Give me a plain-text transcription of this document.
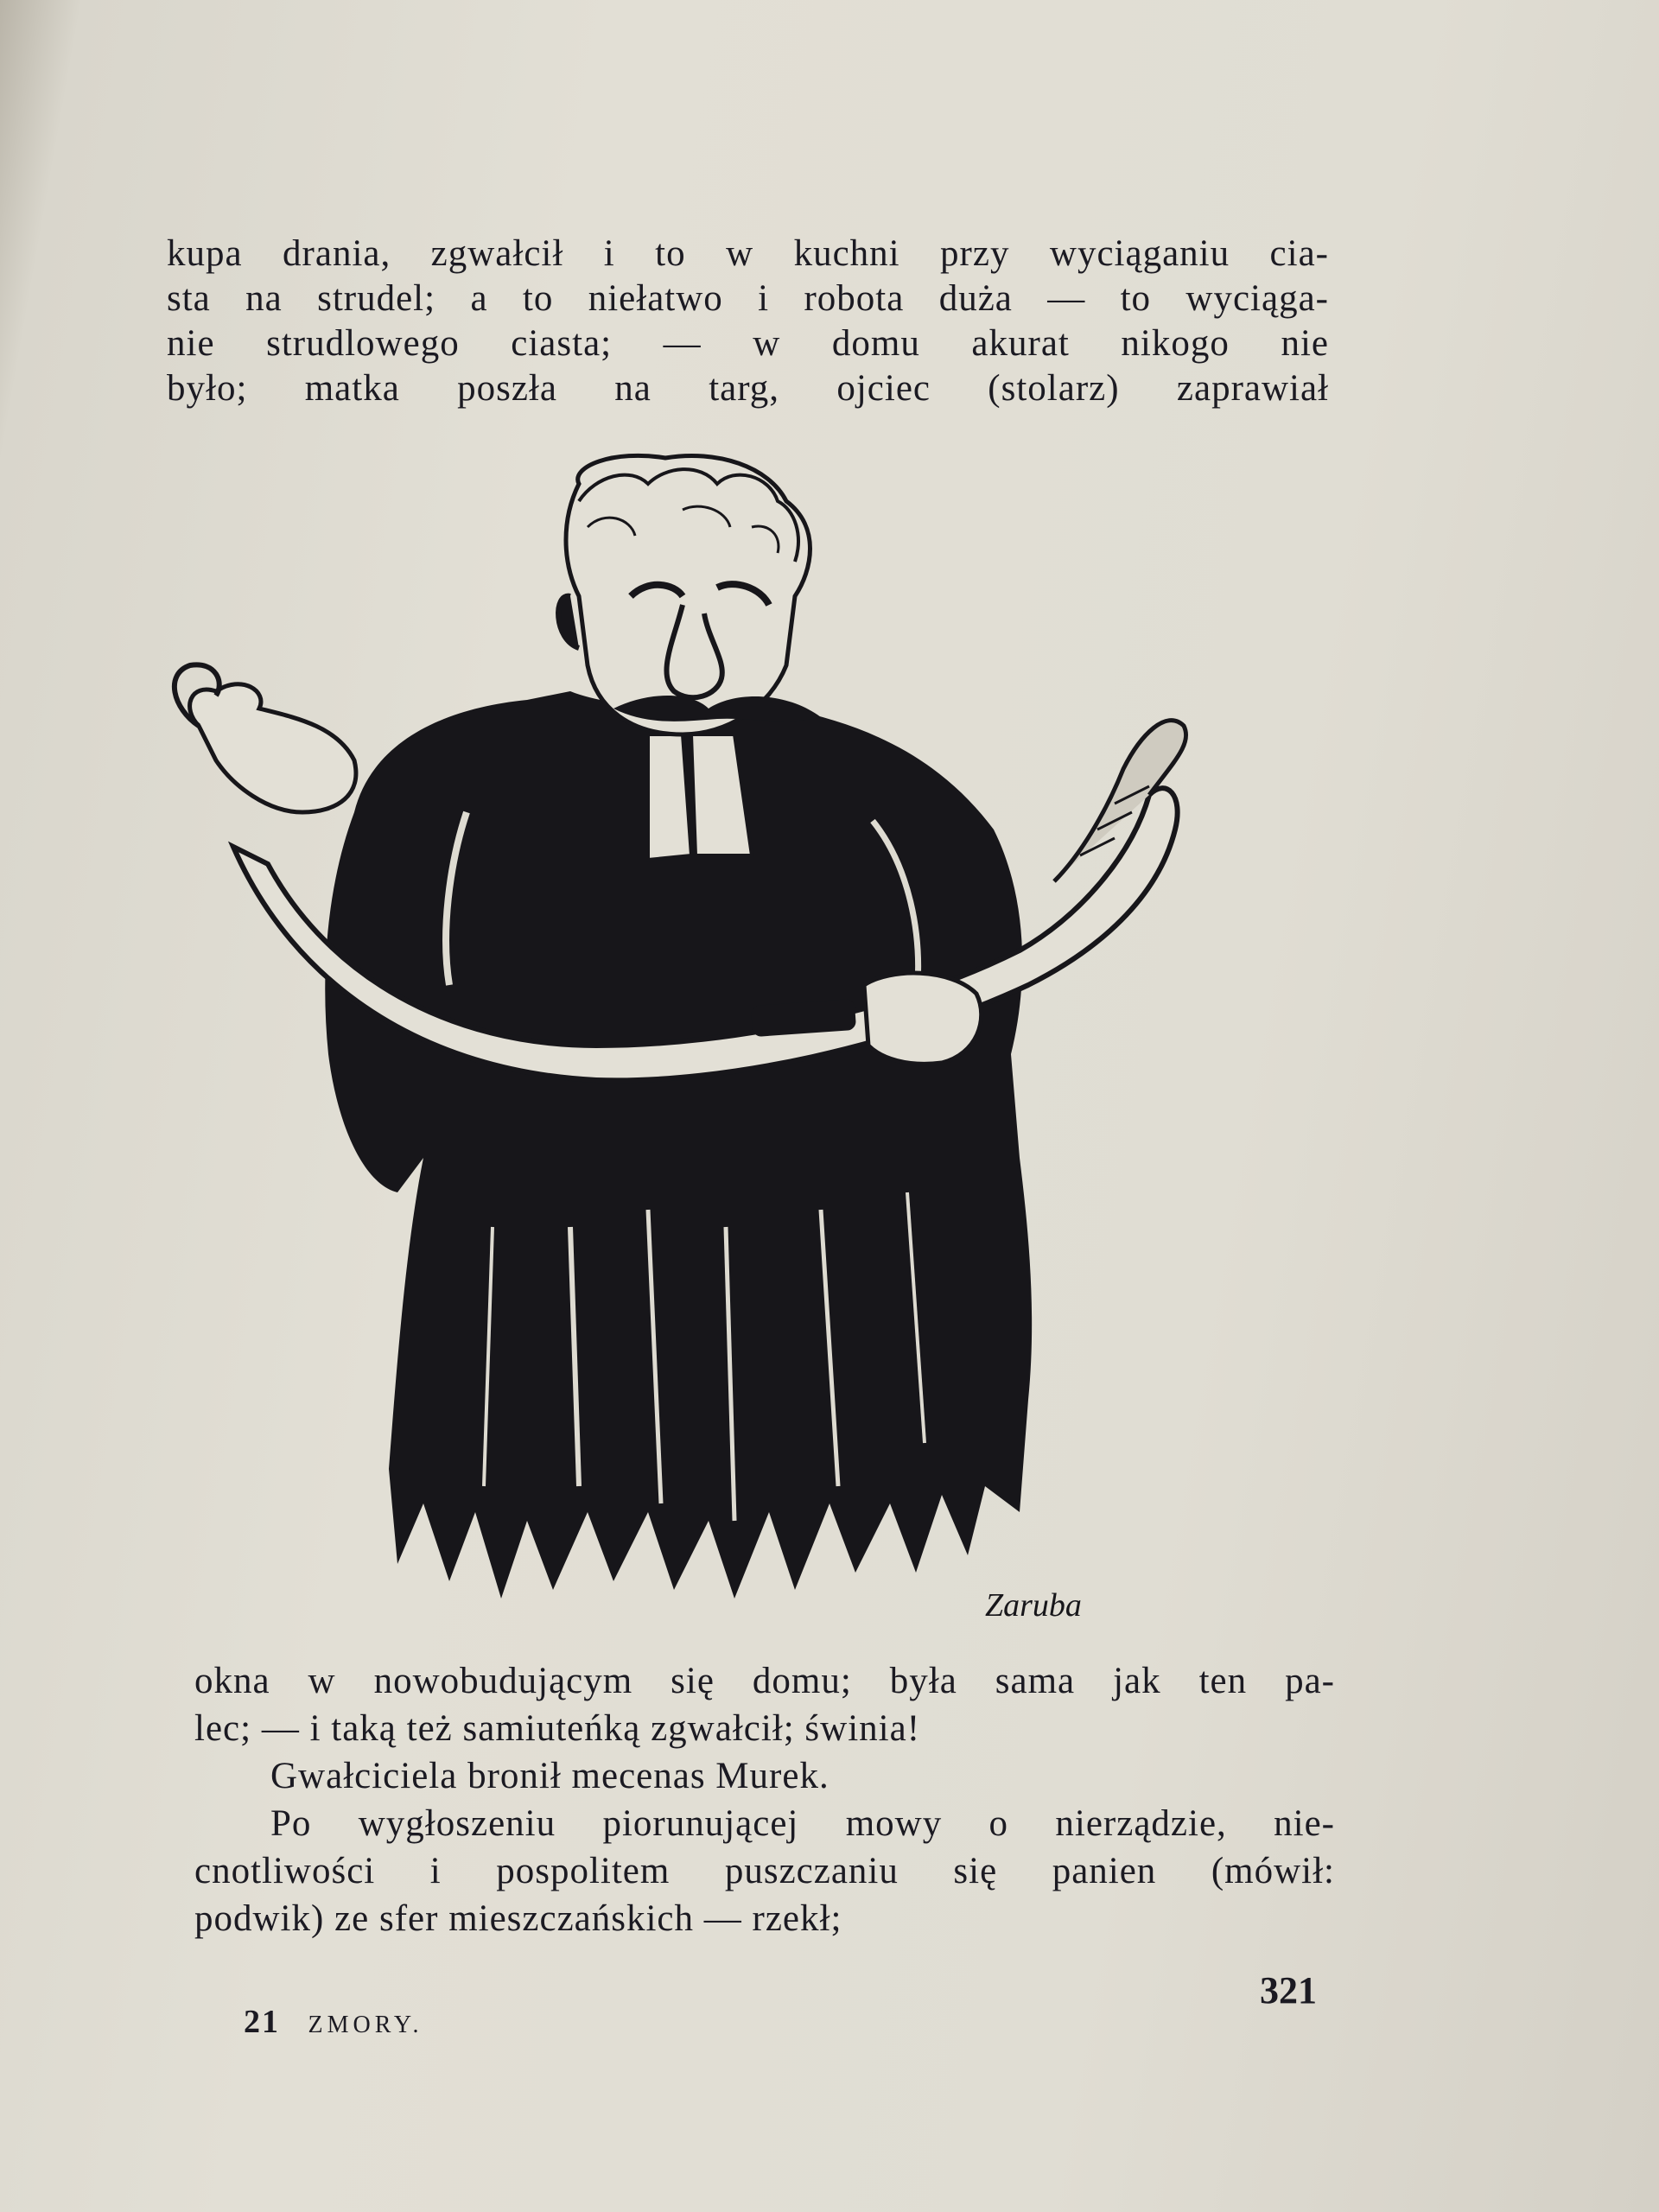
kupa drania, zgwałcił i to w kuchni przy wyciąganiu cia-
sta na strudel; a to niełatwo i robota duża — to wyciąga-
nie strudlowego ciasta; — w domu akurat nikogo nie
było; matka poszła na targ, ojciec (stolarz) zaprawiał
Zaruba
okna w nowobudującym się domu; była sama jak ten pa-
lec; — i taką też samiuteńką zgwałcił; świnia!
Gwałciciela bronił mecenas Murek.
Po wygłoszeniu piorunującej mowy o nierządzie, nie-
cnotliwości i pospolitem puszczaniu się panien (mówił:
podwik) ze sfer mieszczańskich — rzekł;
21 ZMORY.
321
